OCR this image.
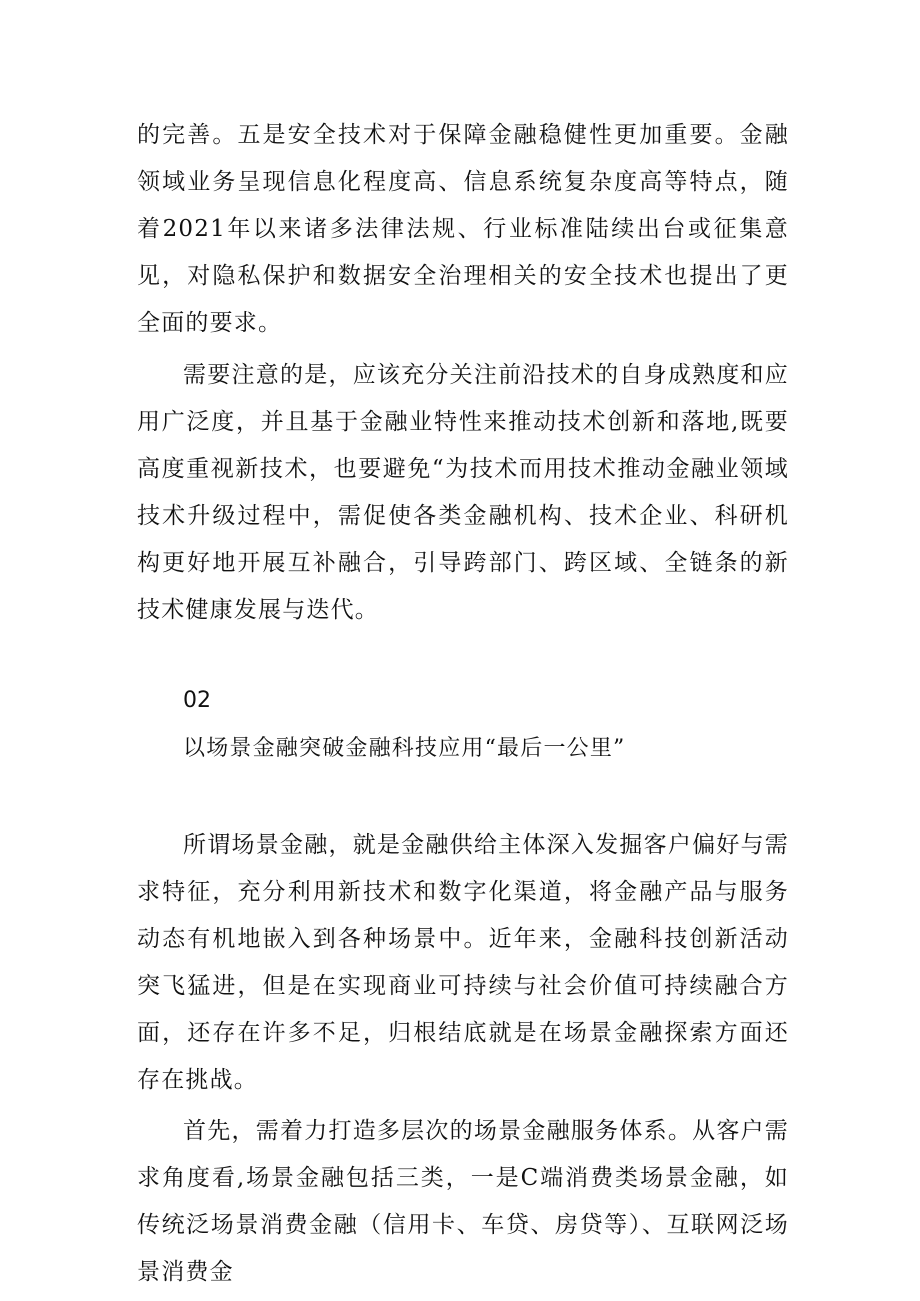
的完善。五是安全技术对于保障金融稳健性更加重要。金融领域业务呈现信息化程度高、信息系统复杂度高等特点，随着2021年以来诸多法律法规、行业标准陆续出台或征集意见，对隐私保护和数据安全治理相关的安全技术也提出了更全面的要求。

需要注意的是，应该充分关注前沿技术的自身成熟度和应用广泛度，并且基于金融业特性来推动技术创新和落地,既要高度重视新技术，也要避免“为技术而用技术推动金融业领域技术升级过程中，需促使各类金融机构、技术企业、科研机构更好地开展互补融合，引导跨部门、跨区域、全链条的新技术健康发展与迭代。

02

以场景金融突破金融科技应用“最后一公里”

所谓场景金融，就是金融供给主体深入发掘客户偏好与需求特征，充分利用新技术和数字化渠道，将金融产品与服务动态有机地嵌入到各种场景中。近年来，金融科技创新活动突飞猛进，但是在实现商业可持续与社会价值可持续融合方面，还存在许多不足，归根结底就是在场景金融探索方面还存在挑战。

首先，需着力打造多层次的场景金融服务体系。从客户需求角度看,场景金融包括三类，一是C端消费类场景金融，如传统泛场景消费金融（信用卡、车贷、房贷等）、互联网泛场景消费金
